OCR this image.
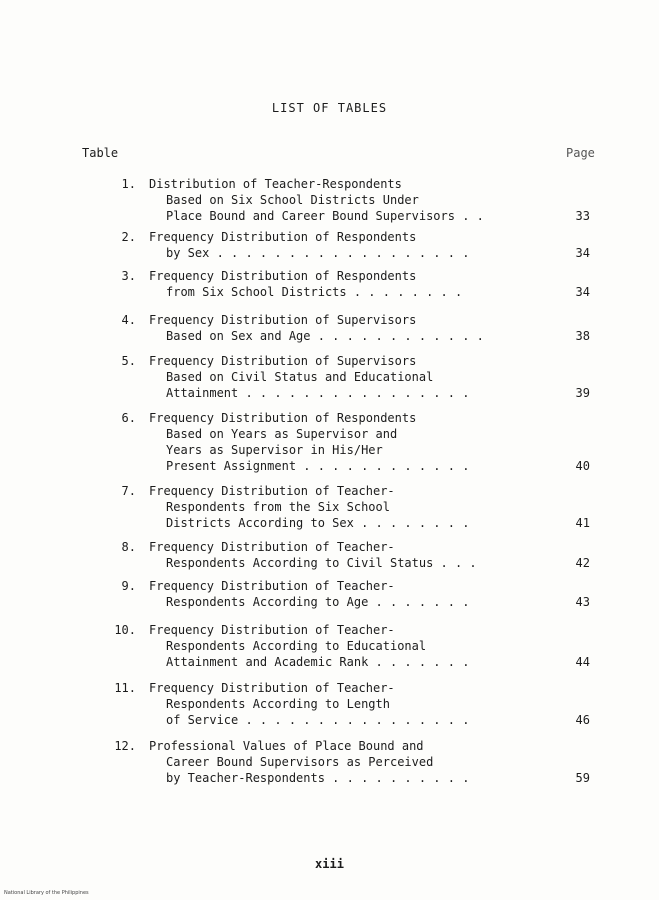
LIST OF TABLES
Table	Page
1. Distribution of Teacher-Respondents
Based on Six School Districts Under
Place Bound and Career Bound Supervisors . .	33
2. Frequency Distribution of Respondents
by Sex . . . . . . . . . . . . . . . . . .	34
3. Frequency Distribution of Respondents
from Six School Districts . . . . . . . .	34
4. Frequency Distribution of Supervisors
Based on Sex and Age . . . . . . . . . . . .	38
5. Frequency Distribution of Supervisors
Based on Civil Status and Educational
Attainment . . . . . . . . . . . . . . . .	39
6. Frequency Distribution of Respondents
Based on Years as Supervisor and
Years as Supervisor in His/Her
Present Assignment . . . . . . . . . . . .	40
7. Frequency Distribution of Teacher-
Respondents from the Six School
Districts According to Sex . . . . . . . .	41
8. Frequency Distribution of Teacher-
Respondents According to Civil Status . . .	42
9. Frequency Distribution of Teacher-
Respondents According to Age . . . . . . .	43
10. Frequency Distribution of Teacher-
Respondents According to Educational
Attainment and Academic Rank . . . . . . .	44
11. Frequency Distribution of Teacher-
Respondents According to Length
of Service . . . . . . . . . . . . . . . .	46
12. Professional Values of Place Bound and
Career Bound Supervisors as Perceived
by Teacher-Respondents . . . . . . . . . .	59
xiii
National Library of the Philippines
